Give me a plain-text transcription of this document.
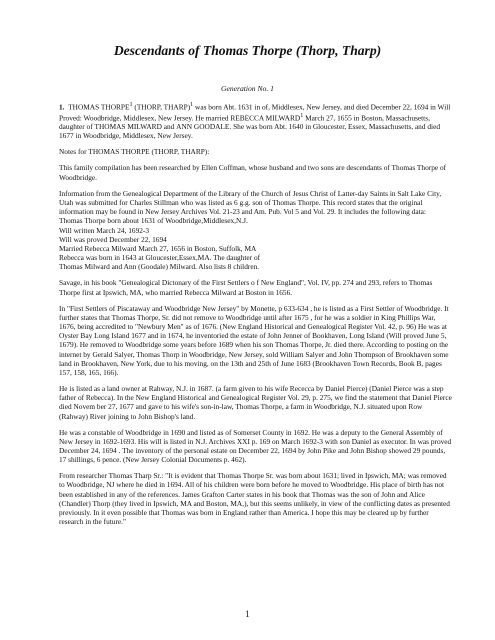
Descendants of Thomas Thorpe (Thorp, Tharp)

Generation No. 1

1. THOMAS THORPE$^1$ (THORP, THARP)$^1$ was born Abt. 1631 in of, Middlesex, New Jersey, and died December 22, 1694 in Will Proved: Woodbridge, Middlesex, New Jersey. He married REBECCA MILWARD$^1$ March 27, 1655 in Boston, Massachusetts, daughter of THOMAS MILWARD and ANN GOODALE. She was born Abt. 1640 in Gloucester, Essex, Massachusetts, and died 1677 in Woodbridge, Middlesex, New Jersey.

Notes for THOMAS THORPE (THORP, THARP):

This family compilation has been researched by Ellen Coffman, whose husband and two sons are descendants of Thomas Thorpe of Woodbridge.

Information from the Genealogical Department of the Library of the Church of Jesus Christ of Latter-day Saints in Salt Lake City, Utah was submitted for Charles Stillman who was listed as 6 g.g. son of Thomas Thorpe. This record states that the original information may be found in New Jersey Archives Vol. 21-23 and Am. Pub. Vol 5 and Vol. 29. It includes the following data:
Thomas Thorpe born about 1631 of Woodbridge,Middlesex,N.J.
Will written March 24, 1692-3
Will was proved December 22, 1694
Married Rebecca Milward March 27, 1656 in Boston, Suffolk, MA
Rebecca was born in 1643 at Gloucester,Essex,MA. The daughter of
Thomas Milward and Ann (Goodale) Milward. Also lists 8 children.

Savage, in his book "Genealogical Dictonary of the First Settlers o f New England", Vol. IV, pp. 274 and 293, refers to Thomas Thorpe first at Ipswich, MA, who married Rebecca Milward at Boston in 1656.

In "First Settlers of Piscataway and Woodbridge New Jersey" by Monette, p 633-634 , he is listed as a First Settler of Woodbridge. It further states that Thomas Thorpe, Sr. did not remove to Woodbridge until after 1675 , for he was a soldier in King Phillips War, 1676, being accredited to "Newbury Men" as of 1676. (New England Historical and Genealogical Register Vol. 42, p. 96) He was at Oyster Bay Long Island 1677 and in 1674, he inventoried the estate of John Jenner of Bookhaven, Long Island (Will proved June 5, 1679). He removed to Woodbridge some years before 1689 when his son Thomas Thorpe, Jr. died there. According to posting on the internet by Gerald Salyer, Thomas Thorp in Woodbridge, New Jersey, sold William Salyer and John Thompson of Brookhaven some land in Brookhaven, New York, due to his moving, on the 13th and 25th of June 1683 (Brookhaven Town Records, Book B, pages 157, 158, 165, 166).

He is listed as a land owner at Rahway, N.J. in 1687. (a farm given to his wife Rececca by Daniel Pierce) (Daniel Pierce was a step father of Rebecca). In the New England Historical and Genealogical Register Vol. 29, p. 275, we find the statement that Daniel Pierce died Novem ber 27, 1677 and gave to his wife's son-in-law, Thomas Thorpe, a farm in Woodbridge, N.J. situated upon Row (Rahway) River joining to John Bishop's land.

He was a constable of Woodbridge in 1690 and listed as of Somerset County in 1692. He was a deputy to the General Assembly of New Jersey in 1692-1693. His will is listed in N.J. Archives XXI p. 169 on March 1692-3 with son Daniel as executor. In was proved December 24, 1694 . The inventory of the personal estate on December 22, 1694 by John Pike and John Bishop showed 29 pounds, 17 shillings, 6 pence. (New Jersey Colonial Documents p. 462).

From researcher Thomas Tharp Sr.: "It is evident that Thomas Thorpe Sr. was born about 1631; lived in Ipswich, MA; was removed to Woodbridge, NJ where he died in 1694. All of his children were born before he moved to Woodbridge. His place of birth has not been established in any of the references. James Grafton Carter states in his book that Thomas was the son of John and Alice (Chandler) Thorp (they lived in Ipswich, MA and Boston, MA,), but this seems unlikely, in view of the conflicting dates as presented previously. In it even possible that Thomas was born in England rather than America. I hope this may be cleared up by further research in the future."

1
